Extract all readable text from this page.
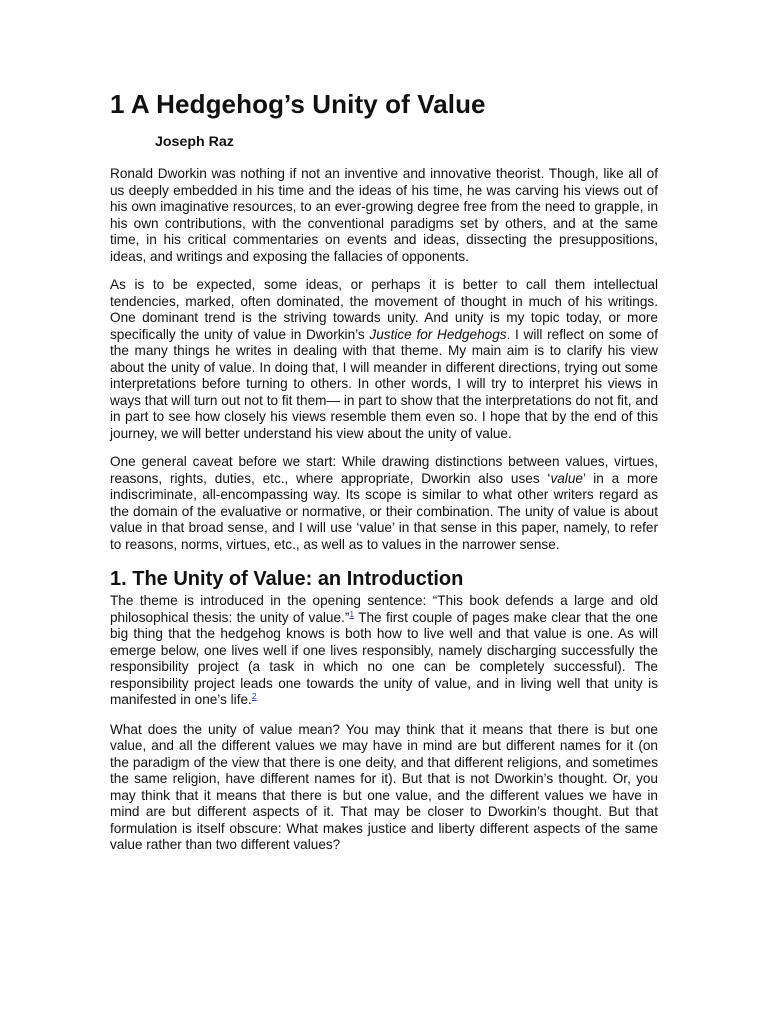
1 A Hedgehog’s Unity of Value
Joseph Raz

Ronald Dworkin was nothing if not an inventive and innovative theorist. Though, like all of us deeply embedded in his time and the ideas of his time, he was carving his views out of his own imaginative resources, to an ever-growing degree free from the need to grapple, in his own contributions, with the conventional paradigms set by others, and at the same time, in his critical commentaries on events and ideas, dissecting the presuppositions, ideas, and writings and exposing the fallacies of opponents.

As is to be expected, some ideas, or perhaps it is better to call them intellectual tendencies, marked, often dominated, the movement of thought in much of his writings. One dominant trend is the striving towards unity. And unity is my topic today, or more specifically the unity of value in Dworkin’s Justice for Hedgehogs. I will reflect on some of the many things he writes in dealing with that theme. My main aim is to clarify his view about the unity of value. In doing that, I will meander in different directions, trying out some interpretations before turning to others. In other words, I will try to interpret his views in ways that will turn out not to fit them— in part to show that the interpretations do not fit, and in part to see how closely his views resemble them even so. I hope that by the end of this journey, we will better understand his view about the unity of value.

One general caveat before we start: While drawing distinctions between values, virtues, reasons, rights, duties, etc., where appropriate, Dworkin also uses ‘value’ in a more indiscriminate, all-encompassing way. Its scope is similar to what other writers regard as the domain of the evaluative or normative, or their combination. The unity of value is about value in that broad sense, and I will use ‘value’ in that sense in this paper, namely, to refer to reasons, norms, virtues, etc., as well as to values in the narrower sense.

1. The Unity of Value: an Introduction

The theme is introduced in the opening sentence: “This book defends a large and old philosophical thesis: the unity of value.”$^1$ The first couple of pages make clear that the one big thing that the hedgehog knows is both how to live well and that value is one. As will emerge below, one lives well if one lives responsibly, namely discharging successfully the responsibility project (a task in which no one can be completely successful). The responsibility project leads one towards the unity of value, and in living well that unity is manifested in one’s life.$^2$

What does the unity of value mean? You may think that it means that there is but one value, and all the different values we may have in mind are but different names for it (on the paradigm of the view that there is one deity, and that different religions, and sometimes the same religion, have different names for it). But that is not Dworkin’s thought. Or, you may think that it means that there is but one value, and the different values we have in mind are but different aspects of it. That may be closer to Dworkin’s thought. But that formulation is itself obscure: What makes justice and liberty different aspects of the same value rather than two different values?
